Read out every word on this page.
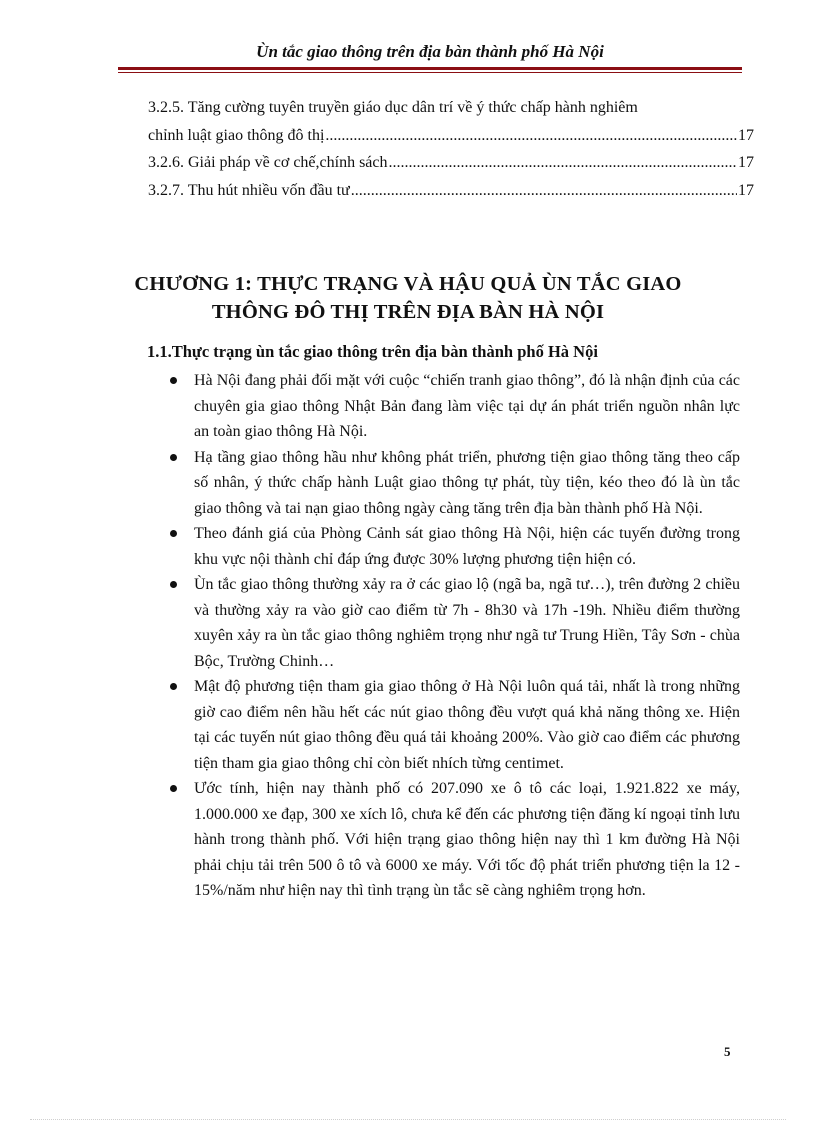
Ùn tắc giao thông trên địa bàn thành phố Hà Nội
3.2.5. Tăng cường tuyên truyền giáo dục dân trí về ý thức chấp hành nghiêm
chỉnh luật giao thông đô thị .....	17
3.2.6. Giải pháp về cơ chế,chính sách .....	17
3.2.7. Thu hút nhiều vốn đầu tư .....	17
CHƯƠNG 1: THỰC TRẠNG VÀ HẬU QUẢ ÙN TẮC GIAO
THÔNG ĐÔ THỊ TRÊN ĐỊA BÀN HÀ NỘI
1.1.Thực trạng ùn tắc giao thông trên địa bàn thành phố Hà Nội
Hà Nội đang phải đối mặt với cuộc “chiến tranh giao thông”, đó là nhận định của các chuyên gia giao thông Nhật Bản đang làm việc tại dự án phát triển nguồn nhân lực an toàn giao thông Hà Nội.
Hạ tầng giao thông hầu như không phát triển, phương tiện giao thông tăng theo cấp số nhân, ý thức chấp hành Luật giao thông tự phát, tùy tiện, kéo theo đó là ùn tắc giao thông và tai nạn giao thông ngày càng tăng trên địa bàn thành phố Hà Nội.
Theo đánh giá của Phòng Cảnh sát giao thông Hà Nội, hiện các tuyến đường trong khu vực nội thành chỉ đáp ứng được 30% lượng phương tiện hiện có.
Ùn tắc giao thông thường xảy ra ở các giao lộ (ngã ba, ngã tư…), trên đường 2 chiều và thường xảy ra vào giờ cao điểm từ 7h - 8h30 và 17h -19h. Nhiều điểm thường xuyên xảy ra ùn tắc giao thông nghiêm trọng như ngã tư Trung Hiền, Tây Sơn - chùa Bộc, Trường Chinh…
Mật độ phương tiện tham gia giao thông ở Hà Nội luôn quá tải, nhất là trong những giờ cao điểm nên hầu hết các nút giao thông đều vượt quá khả năng thông xe. Hiện tại các tuyến nút giao thông đều quá tải khoảng 200%. Vào giờ cao điểm các phương tiện tham gia giao thông chỉ còn biết nhích từng centimet.
Ước tính, hiện nay thành phố có 207.090 xe ô tô các loại, 1.921.822 xe máy, 1.000.000 xe đạp, 300 xe xích lô, chưa kể đến các phương tiện đăng kí ngoại tỉnh lưu hành trong thành phố. Với hiện trạng giao thông hiện nay thì 1 km đường Hà Nội phải chịu tải trên 500 ô tô và 6000 xe máy. Với tốc độ phát triển phương tiện la 12 - 15%/năm như hiện nay thì tình trạng ùn tắc sẽ càng nghiêm trọng hơn.
5
